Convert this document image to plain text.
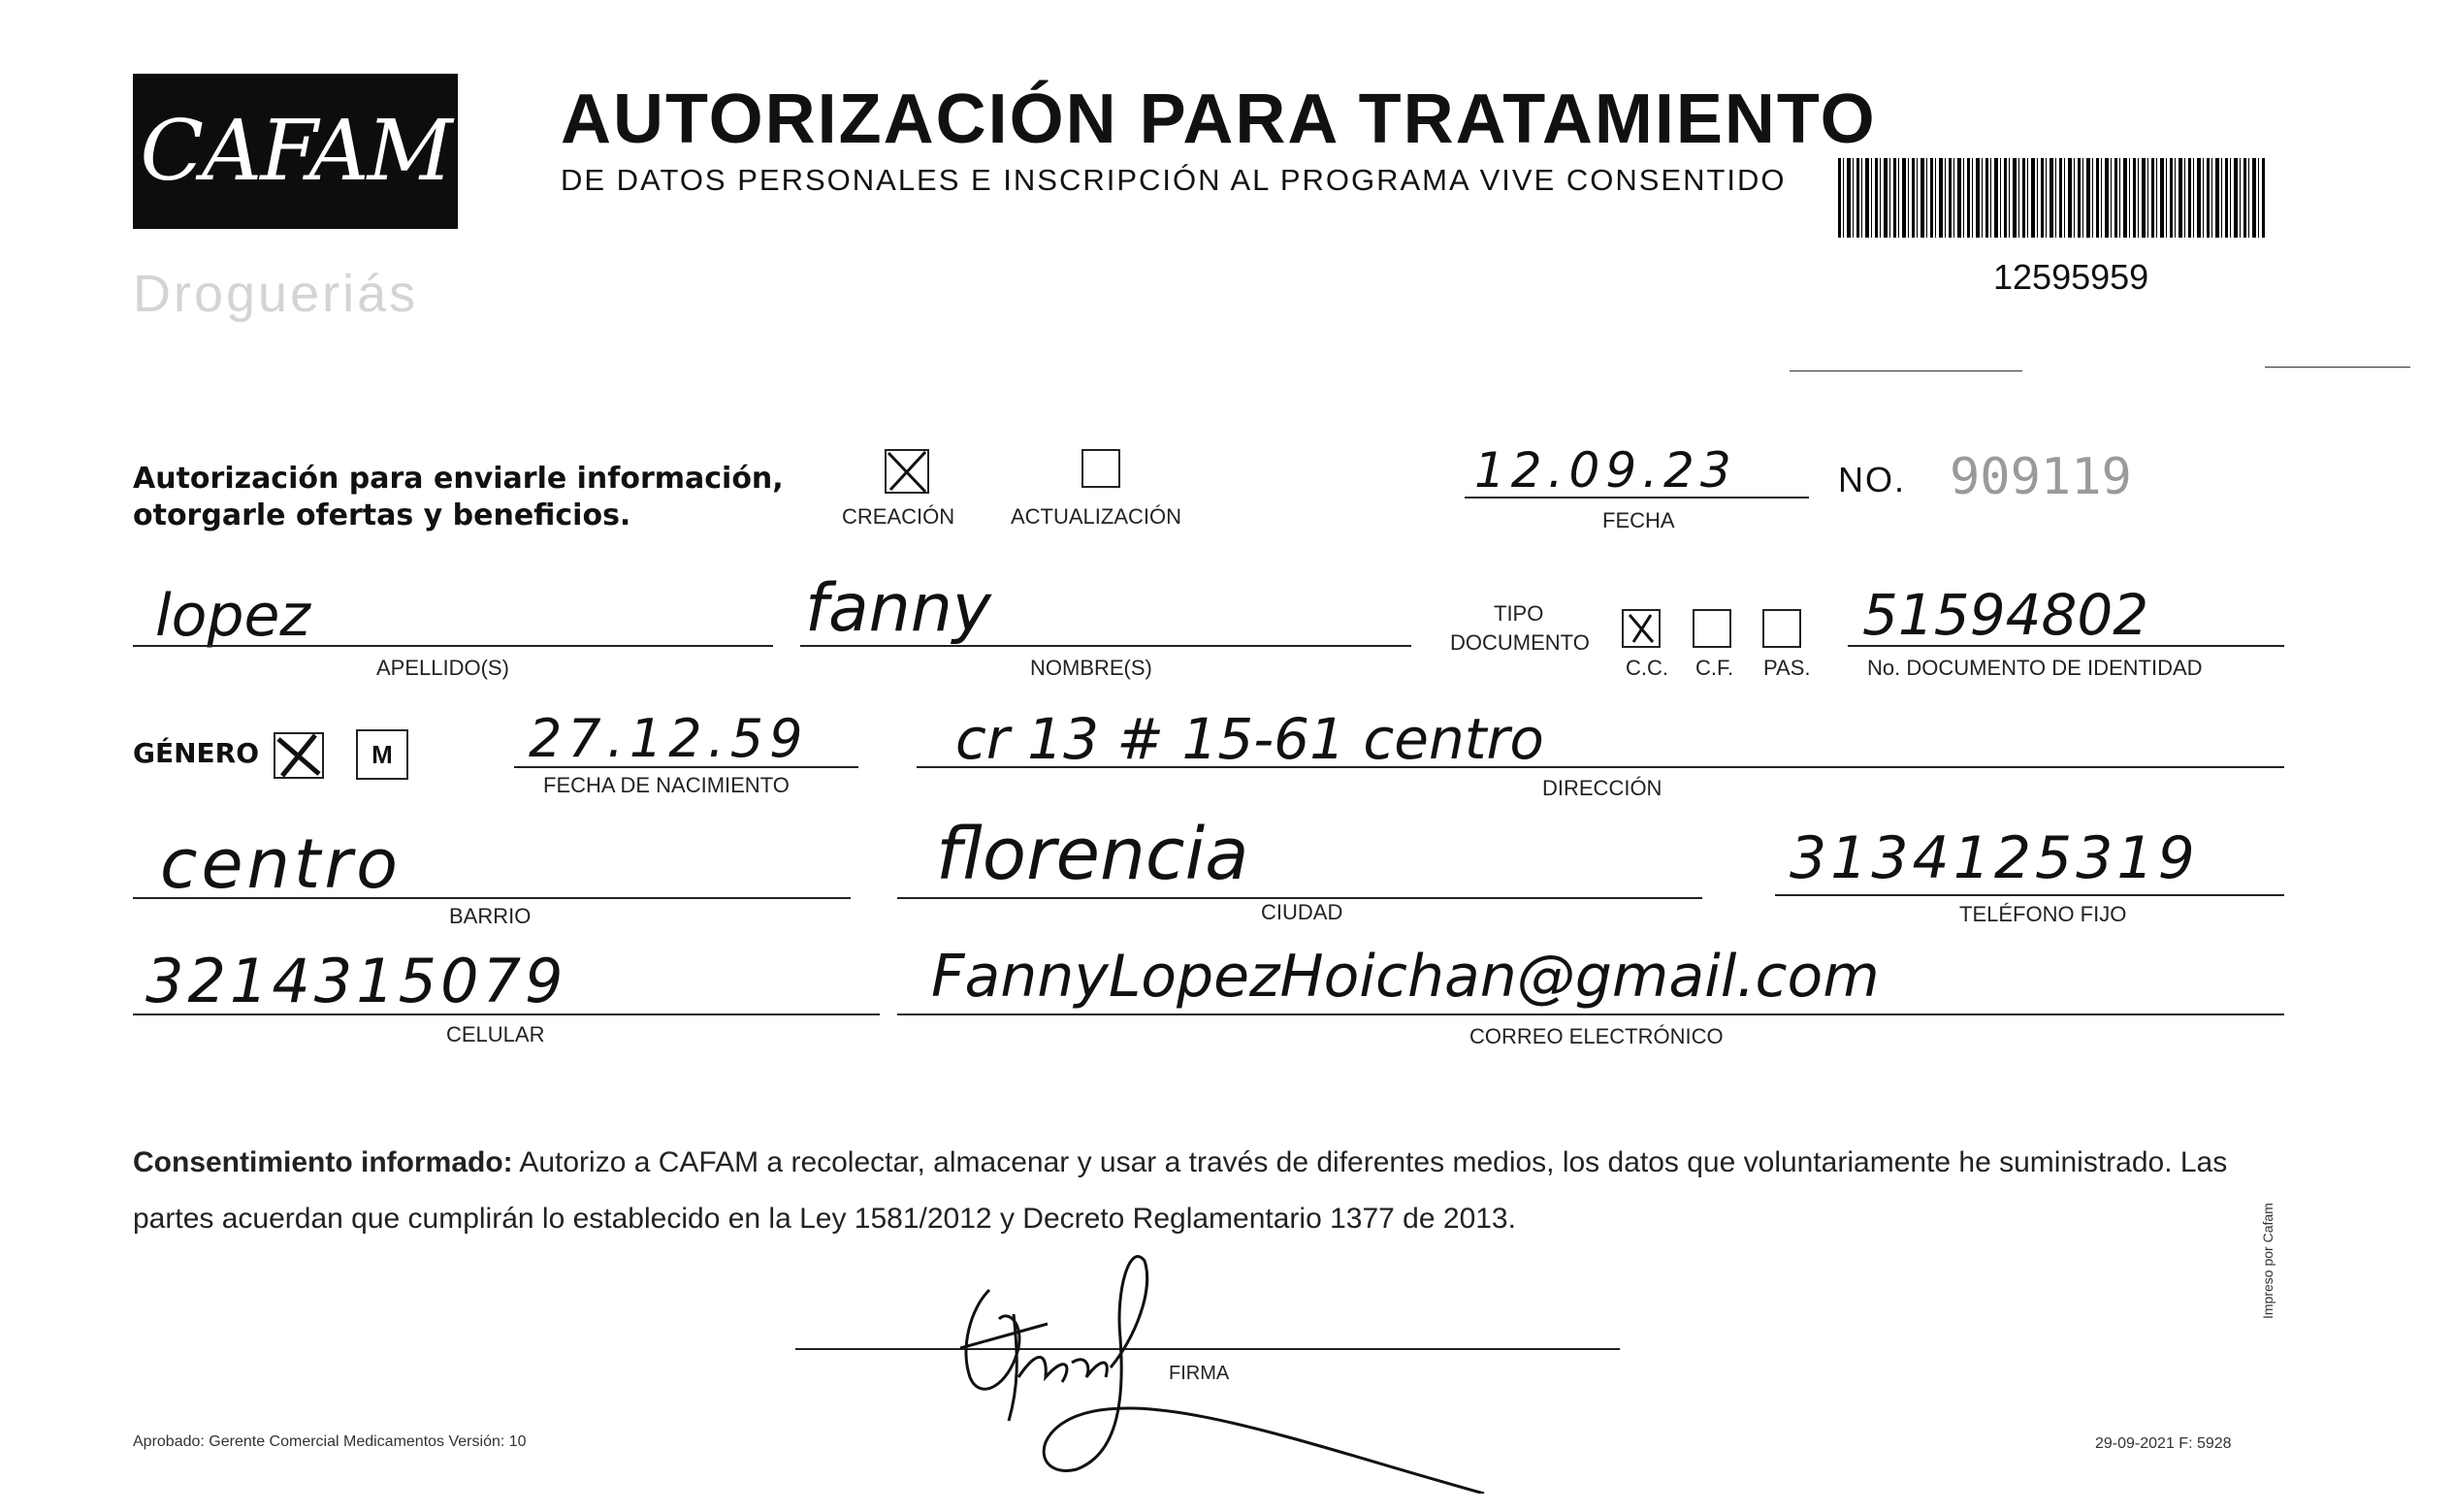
CAFAM
Drogueriás
AUTORIZACIÓN PARA TRATAMIENTO
DE DATOS PERSONALES E INSCRIPCIÓN AL PROGRAMA VIVE CONSENTIDO
12595959
Autorización para enviarle información,
otorgarle ofertas y beneficios.	CREACIÓN	ACTUALIZACIÓN
12.09.23
FECHA
NO. 909119
lopez
APELLIDO(S)
fanny
NOMBRE(S)
TIPO
DOCUMENTO
C.C. C.F. PAS.
51594802
No. DOCUMENTO DE IDENTIDAD
GÉNERO	M	27.12.59
FECHA DE NACIMIENTO
cr 13 # 15-61 centro
DIRECCIÓN
centro
BARRIO
florencia
CIUDAD
3134125319
TELÉFONO FIJO
3214315079
CELULAR
FannyLopezHoichan@gmail.com
CORREO ELECTRÓNICO
Consentimiento informado: Autorizo a CAFAM a recolectar, almacenar y usar a través de diferentes medios, los datos que voluntariamente he suministrado. Las partes acuerdan que cumplirán lo establecido en la Ley 1581/2012 y Decreto Reglamentario 1377 de 2013.
FIRMA
Aprobado: Gerente Comercial Medicamentos Versión: 10	29-09-2021 F: 5928
Impreso por Cafam
